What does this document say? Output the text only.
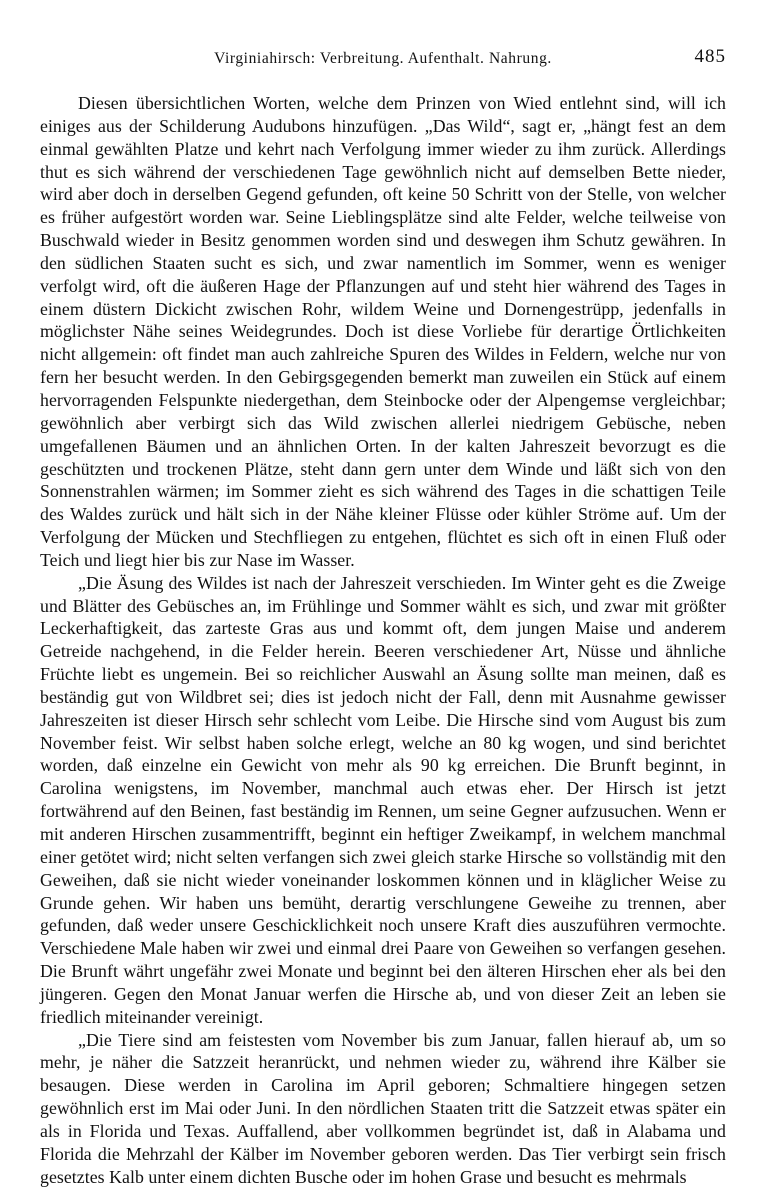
Virginiahirsch: Verbreitung. Aufenthalt. Nahrung.	485

Diesen übersichtlichen Worten, welche dem Prinzen von Wied entlehnt sind, will ich einiges aus der Schilderung Audubons hinzufügen. „Das Wild“, sagt er, „hängt fest an dem einmal gewählten Platze und kehrt nach Verfolgung immer wieder zu ihm zurück. Allerdings thut es sich während der verschiedenen Tage gewöhnlich nicht auf demselben Bette nieder, wird aber doch in derselben Gegend gefunden, oft keine 50 Schritt von der Stelle, von welcher es früher aufgestört worden war. Seine Lieblingsplätze sind alte Felder, welche teilweise von Buschwald wieder in Besitz genommen worden sind und deswegen ihm Schutz gewähren. In den südlichen Staaten sucht es sich, und zwar namentlich im Sommer, wenn es weniger verfolgt wird, oft die äußeren Hage der Pflanzungen auf und steht hier während des Tages in einem düstern Dickicht zwischen Rohr, wildem Weine und Dornengestrüpp, jedenfalls in möglichster Nähe seines Weidegrundes. Doch ist diese Vorliebe für derartige Örtlichkeiten nicht allgemein: oft findet man auch zahlreiche Spuren des Wildes in Feldern, welche nur von fern her besucht werden. In den Gebirgsgegenden bemerkt man zuweilen ein Stück auf einem hervorragenden Felspunkte niedergethan, dem Steinbocke oder der Alpengemse vergleichbar; gewöhnlich aber verbirgt sich das Wild zwischen allerlei niedrigem Gebüsche, neben umgefallenen Bäumen und an ähnlichen Orten. In der kalten Jahreszeit bevorzugt es die geschützten und trockenen Plätze, steht dann gern unter dem Winde und läßt sich von den Sonnenstrahlen wärmen; im Sommer zieht es sich während des Tages in die schattigen Teile des Waldes zurück und hält sich in der Nähe kleiner Flüsse oder kühler Ströme auf. Um der Verfolgung der Mücken und Stechfliegen zu entgehen, flüchtet es sich oft in einen Fluß oder Teich und liegt hier bis zur Nase im Wasser.

„Die Äsung des Wildes ist nach der Jahreszeit verschieden. Im Winter geht es die Zweige und Blätter des Gebüsches an, im Frühlinge und Sommer wählt es sich, und zwar mit größter Leckerhaftigkeit, das zarteste Gras aus und kommt oft, dem jungen Maise und anderem Getreide nachgehend, in die Felder herein. Beeren verschiedener Art, Nüsse und ähnliche Früchte liebt es ungemein. Bei so reichlicher Auswahl an Äsung sollte man meinen, daß es beständig gut von Wildbret sei; dies ist jedoch nicht der Fall, denn mit Ausnahme gewisser Jahreszeiten ist dieser Hirsch sehr schlecht vom Leibe. Die Hirsche sind vom August bis zum November feist. Wir selbst haben solche erlegt, welche an 80 kg wogen, und sind berichtet worden, daß einzelne ein Gewicht von mehr als 90 kg erreichen. Die Brunft beginnt, in Carolina wenigstens, im November, manchmal auch etwas eher. Der Hirsch ist jetzt fortwährend auf den Beinen, fast beständig im Rennen, um seine Gegner aufzusuchen. Wenn er mit anderen Hirschen zusammentrifft, beginnt ein heftiger Zweikampf, in welchem manchmal einer getötet wird; nicht selten verfangen sich zwei gleich starke Hirsche so vollständig mit den Geweihen, daß sie nicht wieder voneinander loskommen können und in kläglicher Weise zu Grunde gehen. Wir haben uns bemüht, derartig verschlungene Geweihe zu trennen, aber gefunden, daß weder unsere Geschicklichkeit noch unsere Kraft dies auszuführen vermochte. Verschiedene Male haben wir zwei und einmal drei Paare von Geweihen so verfangen gesehen. Die Brunft währt ungefähr zwei Monate und beginnt bei den älteren Hirschen eher als bei den jüngeren. Gegen den Monat Januar werfen die Hirsche ab, und von dieser Zeit an leben sie friedlich miteinander vereinigt.

„Die Tiere sind am feistesten vom November bis zum Januar, fallen hierauf ab, um so mehr, je näher die Satzzeit heranrückt, und nehmen wieder zu, während ihre Kälber sie besaugen. Diese werden in Carolina im April geboren; Schmaltiere hingegen setzen gewöhnlich erst im Mai oder Juni. In den nördlichen Staaten tritt die Satzzeit etwas später ein als in Florida und Texas. Auffallend, aber vollkommen begründet ist, daß in Alabama und Florida die Mehrzahl der Kälber im November geboren werden. Das Tier verbirgt sein frisch gesetztes Kalb unter einem dichten Busche oder im hohen Grase und besucht es mehrmals
